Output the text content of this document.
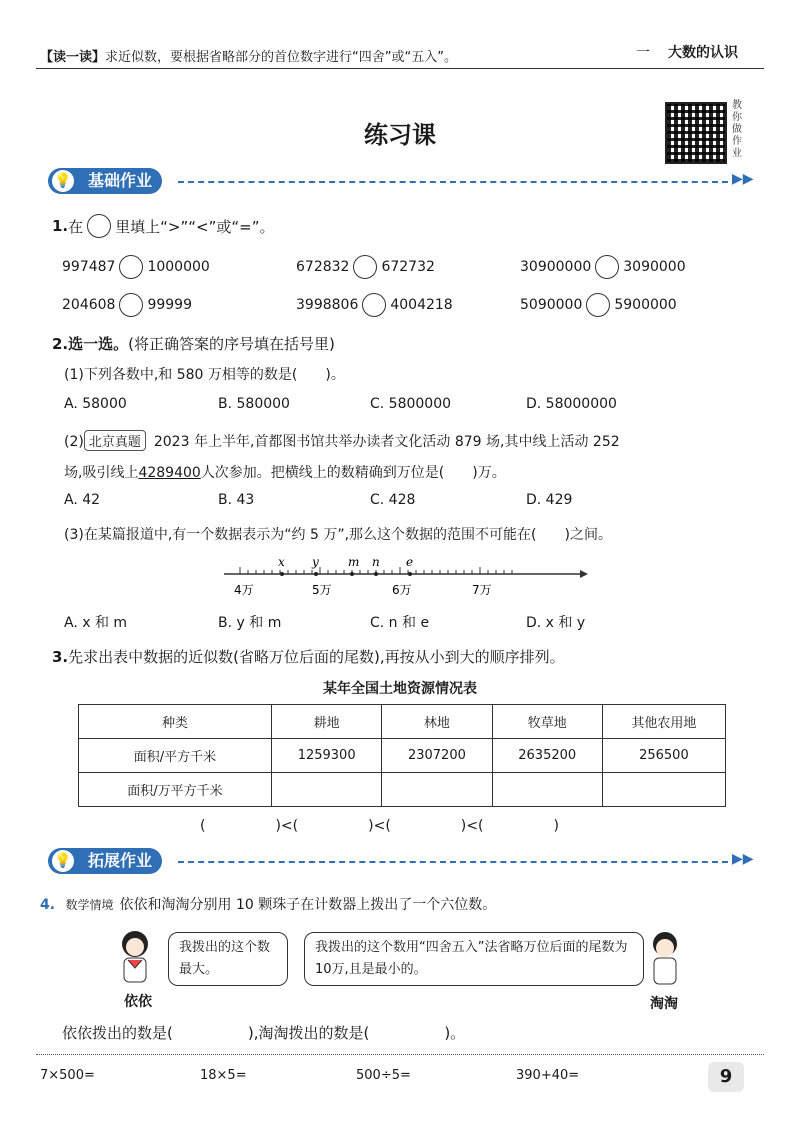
【读一读】求近似数，要根据省略部分的首位数字进行“四舍”或“五入”。	一 大数的认识
练习课
教你做作业
💡 基础作业	▶▶
1. 在 里填上“>”“<”或“=”。
997487 1000000	672832 672732	30900000 3090000
204608 99999	3998806 4004218	5090000 5900000
2.选一选。(将正确答案的序号填在括号里)
(1)下列各数中,和 580 万相等的数是(　　)。
A. 58000	B. 580000	C. 5800000	D. 58000000
(2) 北京真题 2023 年上半年,首都图书馆共举办读者文化活动 879 场,其中线上活动 252
场,吸引线上4289400人次参加。把横线上的数精确到万位是(　　)万。
A. 42	B. 43	C. 428	D. 429
(3)在某篇报道中,有一个数据表示为“约 5 万”,那么这个数据的范围不可能在(　　)之间。
4万	5万	6万	7万
x y m n e
A. x 和 m	B. y 和 m	C. n 和 e	D. x 和 y
3.先求出表中数据的近似数(省略万位后面的尾数),再按从小到大的顺序排列。
某年全国土地资源情况表
种类	耕地	林地	牧草地	其他农用地
面积/平方千米	1259300	2307200	2635200	256500
面积/万平方千米				
(	)<(	)<(	)<(	)
💡 拓展作业	▶▶
4. 数学情境 依依和淘淘分别用 10 颗珠子在计数器上拨出了一个六位数。
依依
我拨出的这个数最大。
我拨出的这个数用“四舍五入”法省略万位后面的尾数为10万,且是最小的。
淘淘
依依拨出的数是(　　　　　),淘淘拨出的数是(　　　　　)。
7×500=	18×5=	500÷5=	390+40=	9
